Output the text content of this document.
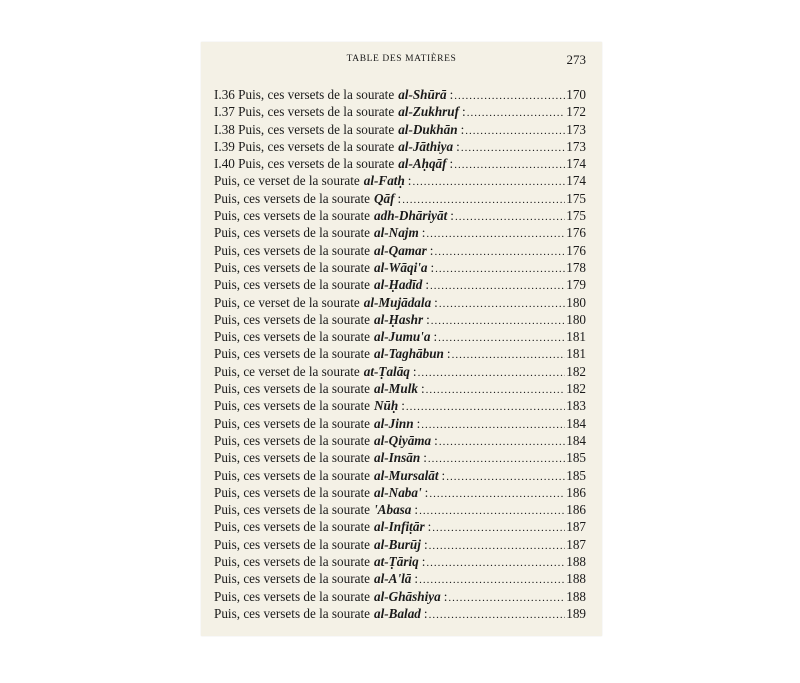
TABLE DES MATIÈRES	273
I.36 Puis, ces versets de la sourate al-Shūrā : .....	170
I.37 Puis, ces versets de la sourate al-Zukhruf : .....	172
I.38 Puis, ces versets de la sourate al-Dukhān : .....	173
I.39 Puis, ces versets de la sourate al-Jāthiya : .....	173
I.40 Puis, ces versets de la sourate al-Aḥqāf : .....	174
Puis, ce verset de la sourate al-Fatḥ : .....	174
Puis, ces versets de la sourate Qāf : .....	175
Puis, ces versets de la sourate adh-Dhāriyāt : .....	175
Puis, ces versets de la sourate al-Najm : .....	176
Puis, ces versets de la sourate al-Qamar : .....	176
Puis, ces versets de la sourate al-Wāqi'a : .....	178
Puis, ces versets de la sourate al-Ḥadīd : .....	179
Puis, ce verset de la sourate al-Mujādala : .....	180
Puis, ces versets de la sourate al-Ḥashr : .....	180
Puis, ces versets de la sourate al-Jumu'a : .....	181
Puis, ces versets de la sourate al-Taghābun : .....	181
Puis, ce verset de la sourate at-Ṭalāq : .....	182
Puis, ces versets de la sourate al-Mulk : .....	182
Puis, ces versets de la sourate Nūḥ : .....	183
Puis, ces versets de la sourate al-Jinn : .....	184
Puis, ces versets de la sourate al-Qiyāma : .....	184
Puis, ces versets de la sourate al-Insān : .....	185
Puis, ces versets de la sourate al-Mursalāt : .....	185
Puis, ces versets de la sourate al-Naba' : .....	186
Puis, ces versets de la sourate 'Abasa : .....	186
Puis, ces versets de la sourate al-Infiṭār : .....	187
Puis, ces versets de la sourate al-Burūj : .....	187
Puis, ces versets de la sourate at-Ṭāriq : .....	188
Puis, ces versets de la sourate al-A'lā : .....	188
Puis, ces versets de la sourate al-Ghāshiya : .....	188
Puis, ces versets de la sourate al-Balad : .....	189
